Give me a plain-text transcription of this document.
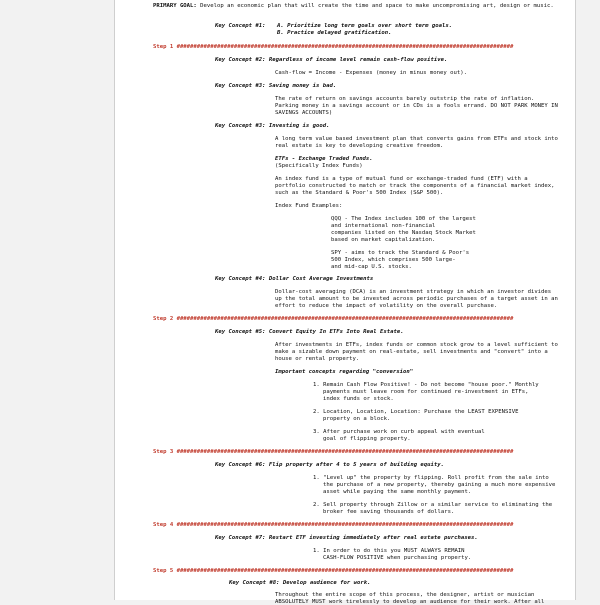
PRIMARY GOAL: Develop an economic plan that will create the time and space to make uncompromising art, design or music.
Key Concept #1: A. Prioritize long term goals over short term goals.
B. Practice delayed gratification.
Step 1 ####################################################################################################
Key Concept #2: Regardless of income level remain cash-flow positive.
Cash-flow = Income - Expenses (money in minus money out).
Key Concept #3: Saving money is bad.
The rate of return on savings accounts barely outstrip the rate of inflation.
Parking money in a savings account or in CDs is a fools errand. DO NOT PARK MONEY IN
SAVINGS ACCOUNTS)
Key Concept #3: Investing is good.
A long term value based investment plan that converts gains from ETFs and stock into
real estate is key to developing creative freedom.
ETFs - Exchange Traded Funds.
(Specifically Index Funds)
An index fund is a type of mutual fund or exchange-traded fund (ETF) with a
portfolio constructed to match or track the components of a financial market index,
such as the Standard & Poor's 500 Index (S&P 500).
Index Fund Examples:
QQQ - The Index includes 100 of the largest
and international non-financial
companies listed on the Nasdaq Stock Market
based on market capitalization.
SPY - aims to track the Standard & Poor's
500 Index, which comprises 500 large-
and mid-cap U.S. stocks.
Key Concept #4: Dollar Cost Average Investments
Dollar-cost averaging (DCA) is an investment strategy in which an investor divides
up the total amount to be invested across periodic purchases of a target asset in an
effort to reduce the impact of volatility on the overall purchase.
Step 2 ####################################################################################################
Key Concept #5: Convert Equity In ETFs Into Real Estate.
After investments in ETFs, index funds or common stock grow to a level sufficient to
make a sizable down payment on real-estate, sell investments and "convert" into a
house or rental property.
Important concepts regarding "conversion"
1. Remain Cash Flow Positive! - Do not become "house poor." Monthly
payments must leave room for continued re-investment in ETFs,
index funds or stock.
2. Location, Location, Location: Purchase the LEAST EXPENSIVE
property on a block.
3. After purchase work on curb appeal with eventual
goal of flipping property.
Step 3 ####################################################################################################
Key Concept #6: Flip property after 4 to 5 years of building equity.
1. "Level up" the property by flipping. Roll profit from the sale into
the purchase of a new property, thereby gaining a much more expensive
asset while paying the same monthly payment.
2. Sell property through Zillow or a similar service to eliminating the
broker fee saving thousands of dollars.
Step 4 ####################################################################################################
Key Concept #7: Restart ETF investing immediately after real estate purchases.
1. In order to do this you MUST ALWAYS REMAIN
CASH-FLOW POSITIVE when purchasing property.
Step 5 ####################################################################################################
Key Concept #8: Develop audience for work.
Throughout the entire scope of this process, the designer, artist or musician
ABSOLUTELY MUST work tirelessly to develop an audience for their work. After all
